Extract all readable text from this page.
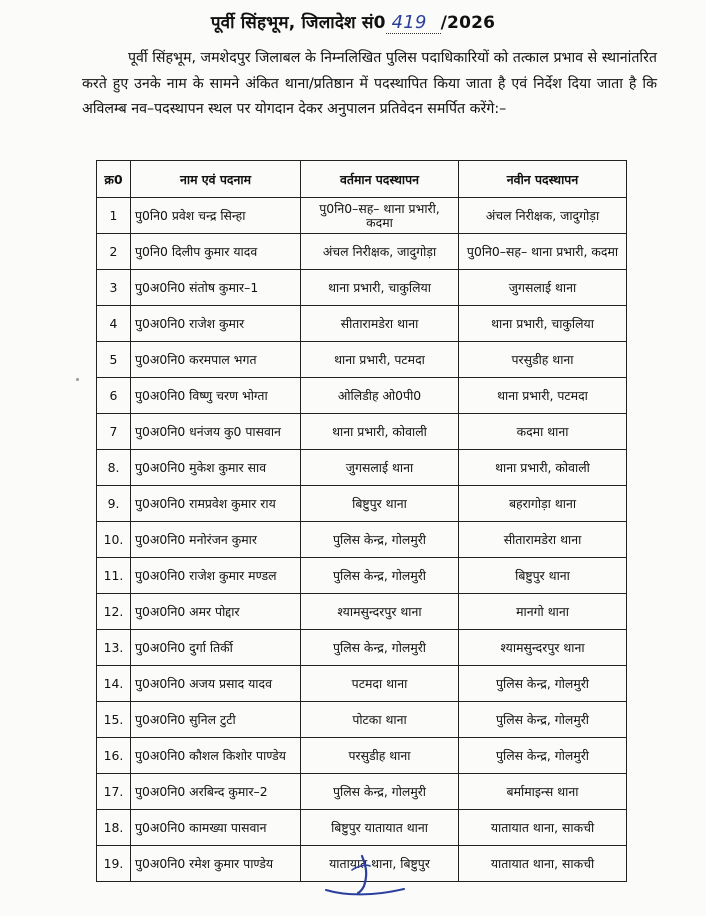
पूर्वी सिंहभूम, जिलादेश सं0 419 /2026
पूर्वी सिंहभूम, जमशेदपुर जिलाबल के निम्नलिखित पुलिस पदाधिकारियों को तत्काल प्रभाव से स्थानांतरित करते हुए उनके नाम के सामने अंकित थाना/प्रतिष्ठान में पदस्थापित किया जाता है एवं निर्देश दिया जाता है कि अविलम्ब नव–पदस्थापन स्थल पर योगदान देकर अनुपालन प्रतिवेदन समर्पित करेंगे:–
क्र0	नाम एवं पदनाम	वर्तमान पदस्थापन	नवीन पदस्थापन
1	पु0नि0 प्रवेश चन्द्र सिन्हा	पु0नि0–सह– थाना प्रभारी, कदमा	अंचल निरीक्षक, जादुगोड़ा
2	पु0नि0 दिलीप कुमार यादव	अंचल निरीक्षक, जादुगोड़ा	पु0नि0–सह– थाना प्रभारी, कदमा
3	पु0अ0नि0 संतोष कुमार–1	थाना प्रभारी, चाकुलिया	जुगसलाई थाना
4	पु0अ0नि0 राजेश कुमार	सीतारामडेरा थाना	थाना प्रभारी, चाकुलिया
5	पु0अ0नि0 करमपाल भगत	थाना प्रभारी, पटमदा	परसुडीह थाना
6	पु0अ0नि0 विष्णु चरण भोग्ता	ओलिडीह ओ0पी0	थाना प्रभारी, पटमदा
7	पु0अ0नि0 धनंजय कु0 पासवान	थाना प्रभारी, कोवाली	कदमा थाना
8.	पु0अ0नि0 मुकेश कुमार साव	जुगसलाई थाना	थाना प्रभारी, कोवाली
9.	पु0अ0नि0 रामप्रवेश कुमार राय	बिष्टुपुर थाना	बहरागोड़ा थाना
10.	पु0अ0नि0 मनोरंजन कुमार	पुलिस केन्द्र, गोलमुरी	सीतारामडेरा थाना
11.	पु0अ0नि0 राजेश कुमार मण्डल	पुलिस केन्द्र, गोलमुरी	बिष्टुपुर थाना
12.	पु0अ0नि0 अमर पोद्दार	श्यामसुन्दरपुर थाना	मानगो थाना
13.	पु0अ0नि0 दुर्गा तिर्की	पुलिस केन्द्र, गोलमुरी	श्यामसुन्दरपुर थाना
14.	पु0अ0नि0 अजय प्रसाद यादव	पटमदा थाना	पुलिस केन्द्र, गोलमुरी
15.	पु0अ0नि0 सुनिल टुटी	पोटका थाना	पुलिस केन्द्र, गोलमुरी
16.	पु0अ0नि0 कौशल किशोर पाण्डेय	परसुडीह थाना	पुलिस केन्द्र, गोलमुरी
17.	पु0अ0नि0 अरबिन्द कुमार–2	पुलिस केन्द्र, गोलमुरी	बर्मामाइन्स थाना
18.	पु0अ0नि0 कामख्या पासवान	बिष्टुपुर यातायात थाना	यातायात थाना, साकची
19.	पु0अ0नि0 रमेश कुमार पाण्डेय	यातायात थाना, बिष्टुपुर	यातायात थाना, साकची
